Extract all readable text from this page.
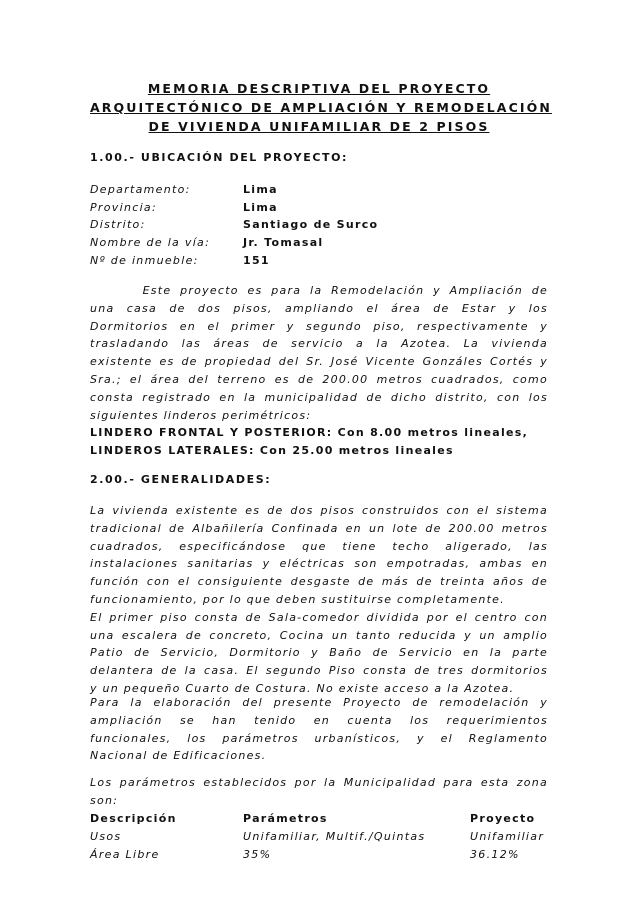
MEMORIA DESCRIPTIVA DEL PROYECTO
ARQUITECTÓNICO DE AMPLIACIÓN Y REMODELACIÓN
DE VIVIENDA UNIFAMILIAR DE 2 PISOS
1.00.- UBICACIÓN DEL PROYECTO:
Departamento:	Lima
Provincia:	Lima
Distrito:	Santiago de Surco
Nombre de la vía:	Jr. Tomasal
Nº de inmueble:	151
Este proyecto es para la Remodelación y Ampliación de
una casa de dos pisos, ampliando el área de Estar y los
Dormitorios en el primer y segundo piso, respectivamente y
trasladando las áreas de servicio a la Azotea. La vivienda
existente es de propiedad del Sr. José Vicente Gonzáles Cortés y
Sra.; el área del terreno es de 200.00 metros cuadrados, como
consta registrado en la municipalidad de dicho distrito, con los
siguientes linderos perimétricos:
LINDERO FRONTAL Y POSTERIOR: Con 8.00 metros lineales,
LINDEROS LATERALES: Con 25.00 metros lineales
2.00.- GENERALIDADES:
La vivienda existente es de dos pisos construidos con el sistema
tradicional de Albañilería Confinada en un lote de 200.00 metros
cuadrados, especificándose que tiene techo aligerado, las
instalaciones sanitarias y eléctricas son empotradas, ambas en
función con el consiguiente desgaste de más de treinta años de
funcionamiento, por lo que deben sustituirse completamente.
El primer piso consta de Sala-comedor dividida por el centro con
una escalera de concreto, Cocina un tanto reducida y un amplio
Patio de Servicio, Dormitorio y Baño de Servicio en la parte
delantera de la casa. El segundo Piso consta de tres dormitorios
y un pequeño Cuarto de Costura. No existe acceso a la Azotea.
Para la elaboración del presente Proyecto de remodelación y
ampliación se han tenido en cuenta los requerimientos
funcionales, los parámetros urbanísticos, y el Reglamento
Nacional de Edificaciones.
Los parámetros establecidos por la Municipalidad para esta zona
son:
Descripción	Parámetros	Proyecto
Usos	Unifamiliar, Multif./Quintas	Unifamiliar
Área Libre	35%	36.12%
